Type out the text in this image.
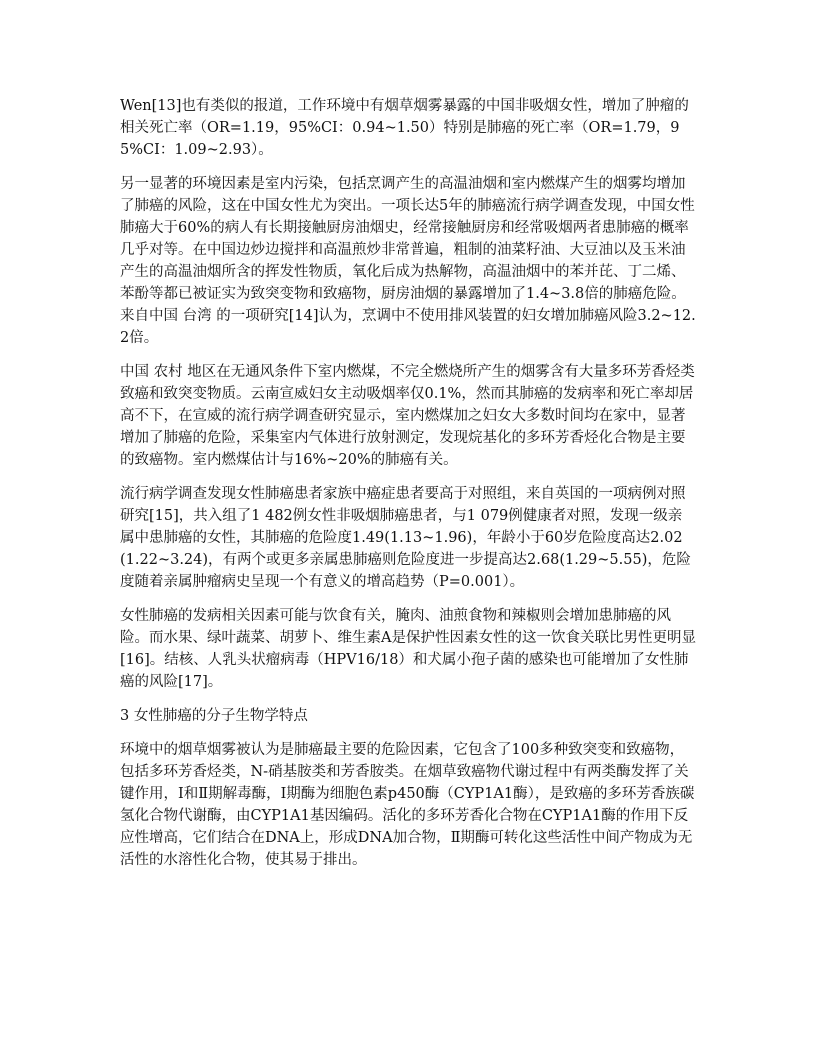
Wen[13]也有类似的报道，工作环境中有烟草烟雾暴露的中国非吸烟女性，增加了肿瘤的相关死亡率（OR=1.19，95%CI：0.94~1.50）特别是肺癌的死亡率（OR=1.79，95%CI：1.09~2.93）。

另一显著的环境因素是室内污染，包括烹调产生的高温油烟和室内燃煤产生的烟雾均增加了肺癌的风险，这在中国女性尤为突出。一项长达5年的肺癌流行病学调查发现，中国女性肺癌大于60%的病人有长期接触厨房油烟史，经常接触厨房和经常吸烟两者患肺癌的概率几乎对等。在中国边炒边搅拌和高温煎炒非常普遍，粗制的油菜籽油、大豆油以及玉米油产生的高温油烟所含的挥发性物质，氧化后成为热解物，高温油烟中的苯并芘、丁二烯、苯酚等都已被证实为致突变物和致癌物，厨房油烟的暴露增加了1.4~3.8倍的肺癌危险。来自中国 台湾 的一项研究[14]认为，烹调中不使用排风装置的妇女增加肺癌风险3.2~12.2倍。

中国 农村 地区在无通风条件下室内燃煤，不完全燃烧所产生的烟雾含有大量多环芳香烃类致癌和致突变物质。云南宣威妇女主动吸烟率仅0.1%，然而其肺癌的发病率和死亡率却居高不下，在宣威的流行病学调查研究显示，室内燃煤加之妇女大多数时间均在家中，显著增加了肺癌的危险，采集室内气体进行放射测定，发现烷基化的多环芳香烃化合物是主要的致癌物。室内燃煤估计与16%~20%的肺癌有关。

流行病学调查发现女性肺癌患者家族中癌症患者要高于对照组，来自英国的一项病例对照研究[15]，共入组了1 482例女性非吸烟肺癌患者，与1 079例健康者对照，发现一级亲属中患肺癌的女性，其肺癌的危险度1.49(1.13~1.96)，年龄小于60岁危险度高达2.02(1.22~3.24)，有两个或更多亲属患肺癌则危险度进一步提高达2.68(1.29~5.55)，危险度随着亲属肿瘤病史呈现一个有意义的增高趋势（P=0.001）。

女性肺癌的发病相关因素可能与饮食有关，腌肉、油煎食物和辣椒则会增加患肺癌的风险。而水果、绿叶蔬菜、胡萝卜、维生素A是保护性因素女性的这一饮食关联比男性更明显[16]。结核、人乳头状瘤病毒（HPV16/18）和犬属小孢子菌的感染也可能增加了女性肺癌的风险[17]。

3 女性肺癌的分子生物学特点

环境中的烟草烟雾被认为是肺癌最主要的危险因素，它包含了100多种致突变和致癌物，包括多环芳香烃类，N-硝基胺类和芳香胺类。在烟草致癌物代谢过程中有两类酶发挥了关键作用，Ⅰ和Ⅱ期解毒酶，Ⅰ期酶为细胞色素p450酶（CYP1A1酶），是致癌的多环芳香族碳氢化合物代谢酶，由CYP1A1基因编码。活化的多环芳香化合物在CYP1A1酶的作用下反应性增高，它们结合在DNA上，形成DNA加合物，Ⅱ期酶可转化这些活性中间产物成为无活性的水溶性化合物，使其易于排出。
